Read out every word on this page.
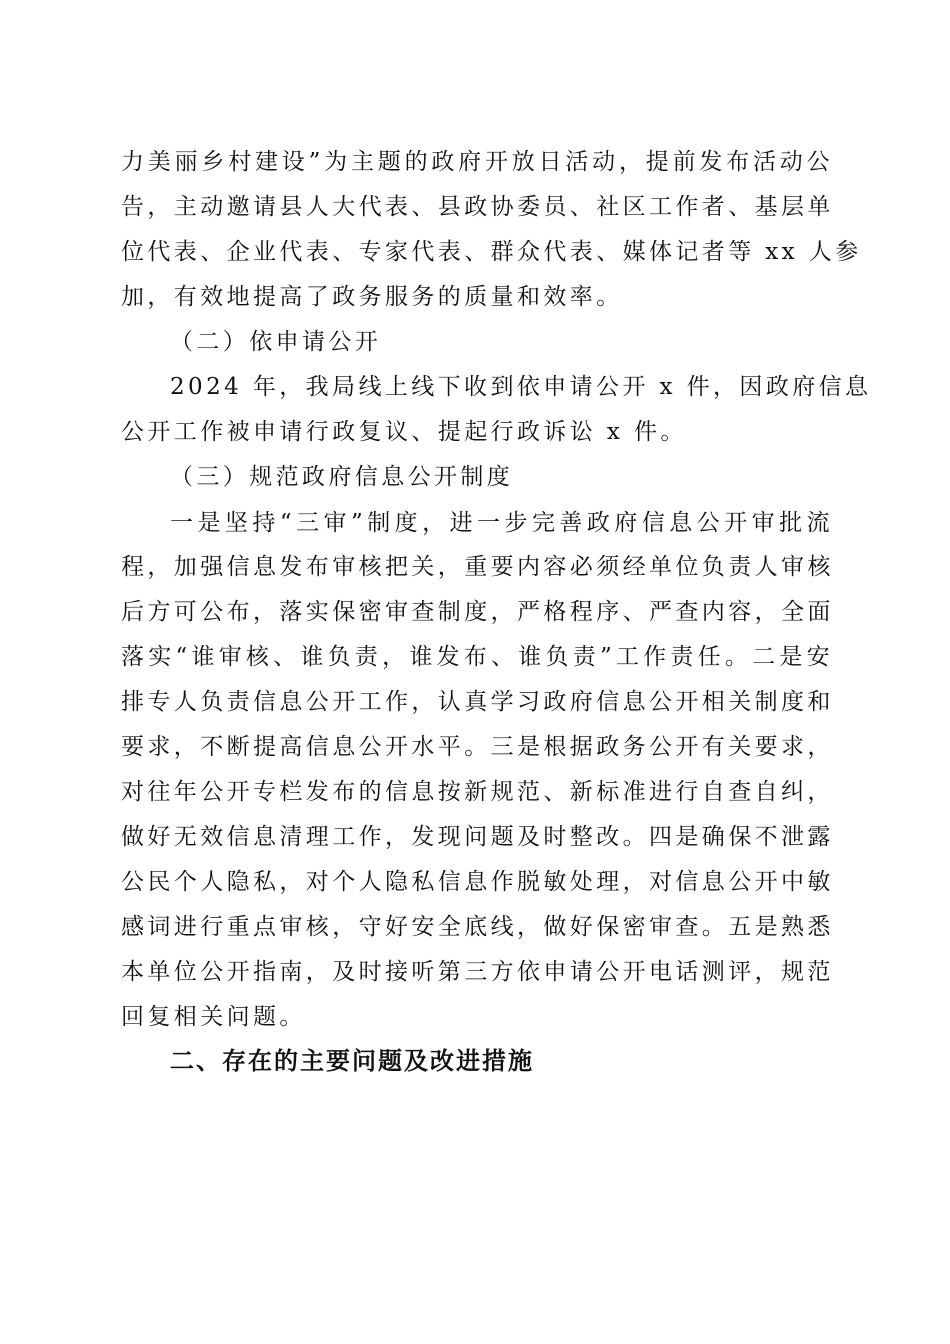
力美丽乡村建设”为主题的政府开放日活动，提前发布活动公
告，主动邀请县人大代表、县政协委员、社区工作者、基层单
位代表、企业代表、专家代表、群众代表、媒体记者等 xx 人参
加，有效地提高了政务服务的质量和效率。
（二）依申请公开
2024 年，我局线上线下收到依申请公开 x 件，因政府信息
公开工作被申请行政复议、提起行政诉讼 x 件。
（三）规范政府信息公开制度
一是坚持“三审”制度，进一步完善政府信息公开审批流
程，加强信息发布审核把关，重要内容必须经单位负责人审核
后方可公布，落实保密审查制度，严格程序、严查内容，全面
落实“谁审核、谁负责，谁发布、谁负责”工作责任。二是安
排专人负责信息公开工作，认真学习政府信息公开相关制度和
要求，不断提高信息公开水平。三是根据政务公开有关要求，
对往年公开专栏发布的信息按新规范、新标准进行自查自纠，
做好无效信息清理工作，发现问题及时整改。四是确保不泄露
公民个人隐私，对个人隐私信息作脱敏处理，对信息公开中敏
感词进行重点审核，守好安全底线，做好保密审查。五是熟悉
本单位公开指南，及时接听第三方依申请公开电话测评，规范
回复相关问题。
二、存在的主要问题及改进措施
